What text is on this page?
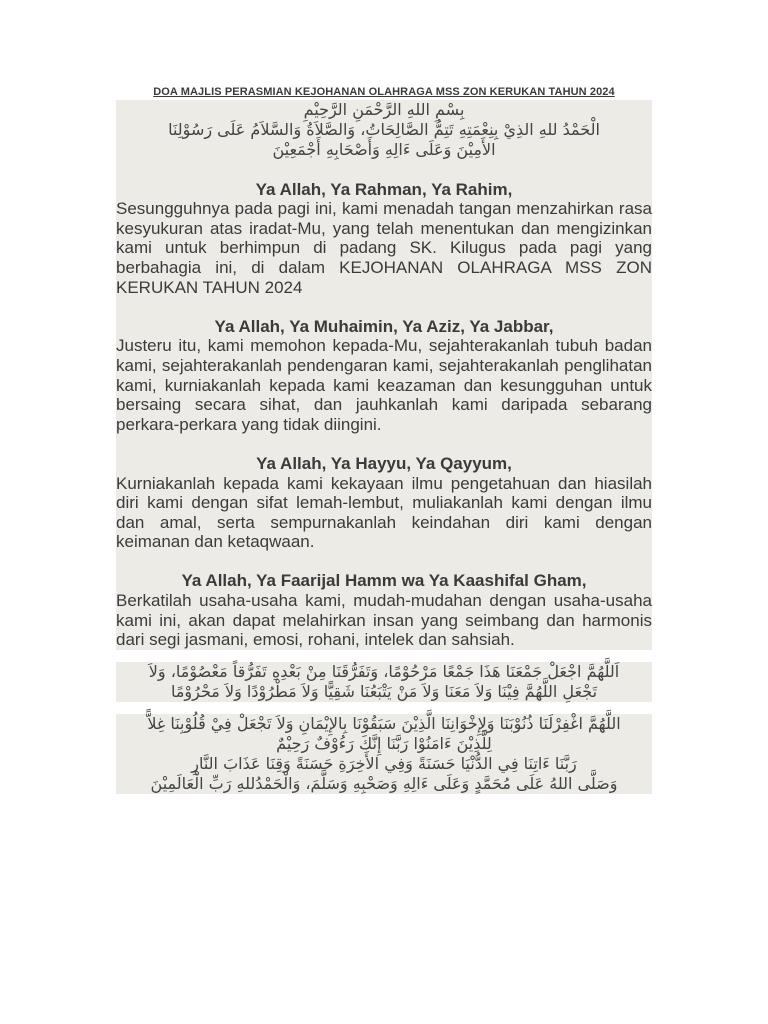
DOA MAJLIS PERASMIAN KEJOHANAN OLAHRAGA MSS ZON KERUKAN TAHUN 2024
بِسْمِ اللهِ الرَّحْمَنِ الرَّحِيْمِ
الْحَمْدُ للهِ الذِيْ بِنِعْمَتِهِ تَتِمُّ الصَّالِحَاتُ، وَالصَّلاَةُ وَالسَّلاَمُ عَلَى رَسُوْلِنَا
الأَمِيْنَ وَعَلَى ءَالِهِ وَأَصْحَابِهِ أَجْمَعِيْنَ
Ya Allah, Ya Rahman, Ya Rahim,

Sesungguhnya pada pagi ini, kami menadah tangan menzahirkan rasa kesyukuran atas iradat-Mu, yang telah menentukan dan mengizinkan kami untuk berhimpun di padang SK. Kilugus pada pagi yang berbahagia ini, di dalam KEJOHANAN OLAHRAGA MSS ZON KERUKAN TAHUN 2024

Ya Allah, Ya Muhaimin, Ya Aziz, Ya Jabbar,

Justeru itu, kami memohon kepada-Mu, sejahterakanlah tubuh badan kami, sejahterakanlah pendengaran kami, sejahterakanlah penglihatan kami, kurniakanlah kepada kami keazaman dan kesungguhan untuk bersaing secara sihat, dan jauhkanlah kami daripada sebarang perkara-perkara yang tidak diingini.

Ya Allah, Ya Hayyu, Ya Qayyum,

Kurniakanlah kepada kami kekayaan ilmu pengetahuan dan hiasilah diri kami dengan sifat lemah-lembut, muliakanlah kami dengan ilmu dan amal, serta sempurnakanlah keindahan diri kami dengan keimanan dan ketaqwaan.

Ya Allah, Ya Faarijal Hamm wa Ya Kaashifal Gham,

Berkatilah usaha-usaha kami, mudah-mudahan dengan usaha-usaha kami ini, akan dapat melahirkan insan yang seimbang dan harmonis dari segi jasmani, emosi, rohani, intelek dan sahsiah.

اَللَّهُمَّ اجْعَلْ جَمْعَنَا هَذَا جَمْعًا مَرْحُوْمًا، وَتَفَرُّقَنَا مِنْ بَعْدِهِ تَفَرُّقاً مَعْصُوْمًا، وَلاَ
تَجْعَلِ اللَّهُمَّ فِيْنَا وَلاَ مَعَنَا وَلاَ مَنْ يَتْبَعُنَا شَقِيًّا وَلاَ مَطْرُوْدًا وَلاَ مَحْرُوْمًا
اللَّهُمَّ اغْفِرْلَنَا ذُنُوْبَنَا وَلِإِخْوَانِنَا الَّذِيْنَ سَبَقُوْنَا بِالإِيْمَانِ وَلاَ تَجْعَلْ فِيْ قُلُوْبِنَا غِلاًّ
لِلَّذِيْنَ ءَامَنُوْا رَبَّنَا إِنَّكَ رَءُوْفٌ رَحِيْمٌ
رَبَّنَا ءَاتِنَا فِي الدُّنْيَا حَسَنَةً وَفِي الأَخِرَةِ حَسَنَةً وَقِنَا عَذَابَ النَّارِ
وَصَلَّى اللهُ عَلَى مُحَمَّدٍ وَعَلَى ءَالِهِ وَصَحْبِهِ وَسَلَّمَ، وَالْحَمْدُللهِ رَبِّ الْعَالَمِيْنَ
